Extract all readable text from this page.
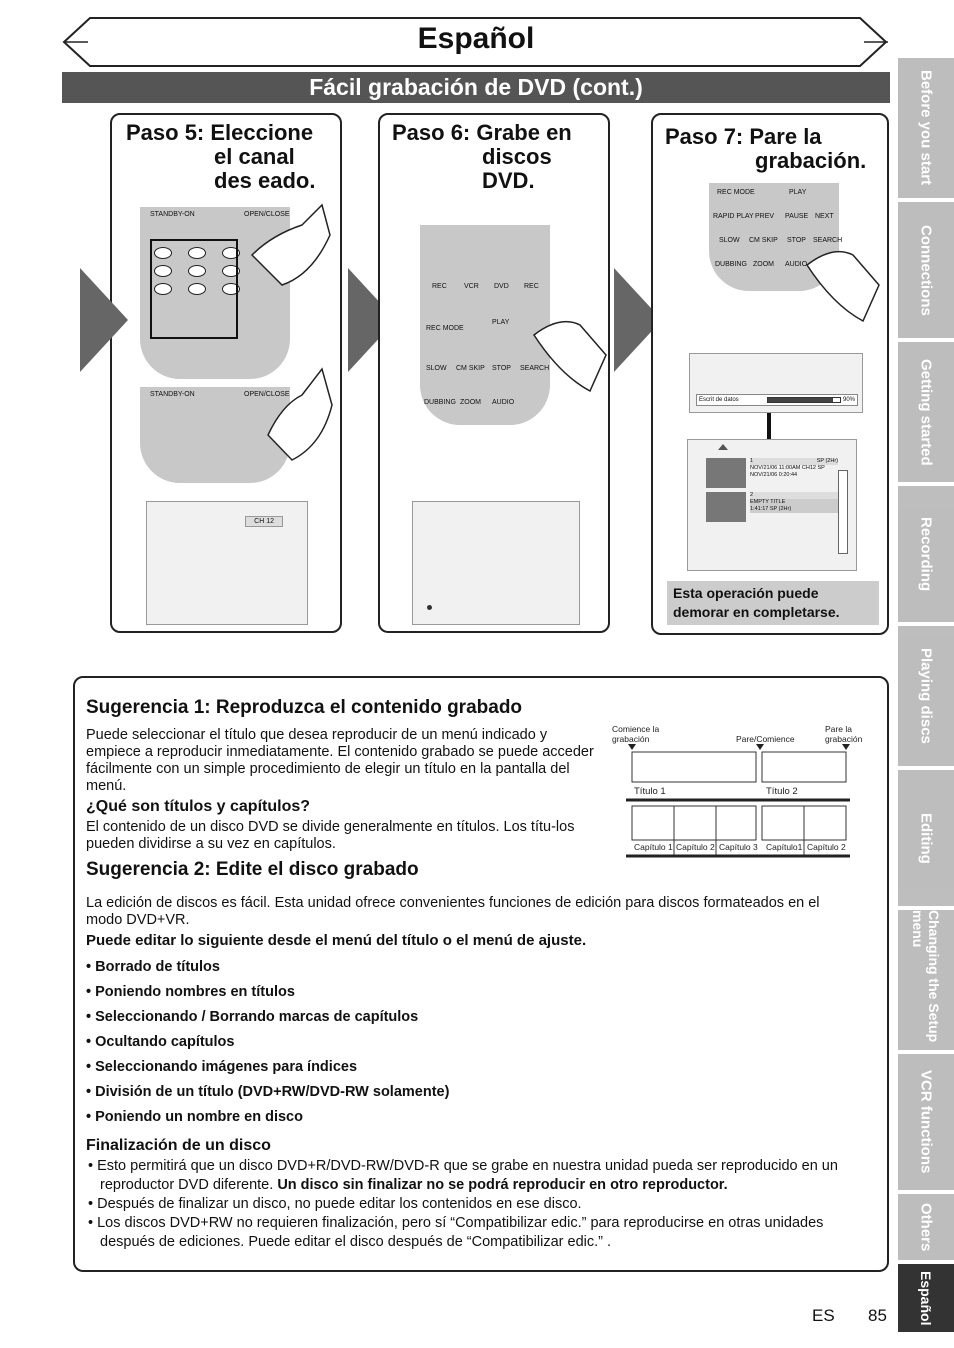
Español
Fácil grabación de DVD (cont.)
Paso 5: Eleccione
el canal
des eado.
STANDBY-ON	OPEN/CLOSE
STANDBY-ON	OPEN/CLOSE
CH 12
Paso 6: Grabe en
discos
DVD.
REC VCR DVD REC
REC MODE
PLAY
SLOW CM SKIP STOP SEARCH
DUBBING ZOOM AUDIO
Paso 7: Pare la
grabación.
REC MODE	PLAY
RAPID PLAY PREV PAUSE NEXT
SLOW CM SKIP STOP SEARCH
DUBBING ZOOM AUDIO
Escrit de datos	90%
1	SP (2Hr)
NOV/21/06 11:00AM CH12 SP
NOV/21/06 0:20:44
2
EMPTY TITLE
1:41:17 SP (2Hr)
Esta operación puede demorar en completarse.
Sugerencia 1: Reproduzca el contenido grabado

Puede seleccionar el título que desea reproducir de un menú indicado y empiece a reproducir inmediatamente. El contenido grabado se puede acceder fácilmente con un simple procedimiento de elegir un título en la pantalla del menú.

¿Qué son títulos y capítulos?

El contenido de un disco DVD se divide generalmente en títulos. Los títu-los pueden dividirse a su vez en capítulos.

Comience la grabación	Pare/Comience
Pare la grabación
Título 1	Título 2
Capítulo 1 Capítulo 2 Capítulo 3 Capítulo1 Capítulo 2
Sugerencia 2: Edite el disco grabado

La edición de discos es fácil. Esta unidad ofrece convenientes funciones de edición para discos formateados en el modo DVD+VR.

Puede editar lo siguiente desde el menú del título o el menú de ajuste.
• Borrado de títulos
• Poniendo nombres en títulos
• Seleccionando / Borrando marcas de capítulos
• Ocultando capítulos
• Seleccionando imágenes para índices
• División de un título (DVD+RW/DVD-RW solamente)
• Poniendo un nombre en disco
Finalización de un disco
• Esto permitirá que un disco DVD+R/DVD-RW/DVD-R que se grabe en nuestra unidad pueda ser reproducido en un reproductor DVD diferente. Un disco sin finalizar no se podrá reproducir en otro reproductor.
• Después de finalizar un disco, no puede editar los contenidos en ese disco.
• Los discos DVD+RW no requieren finalización, pero sí “Compatibilizar edic.” para reproducirse en otras unidades después de ediciones. Puede editar el disco después de “Compatibilizar edic.” .
Before you start
Connections
Getting started
Recording
Playing discs
Editing
Changing the Setup menu
VCR functions
Others
Español
ES 85
